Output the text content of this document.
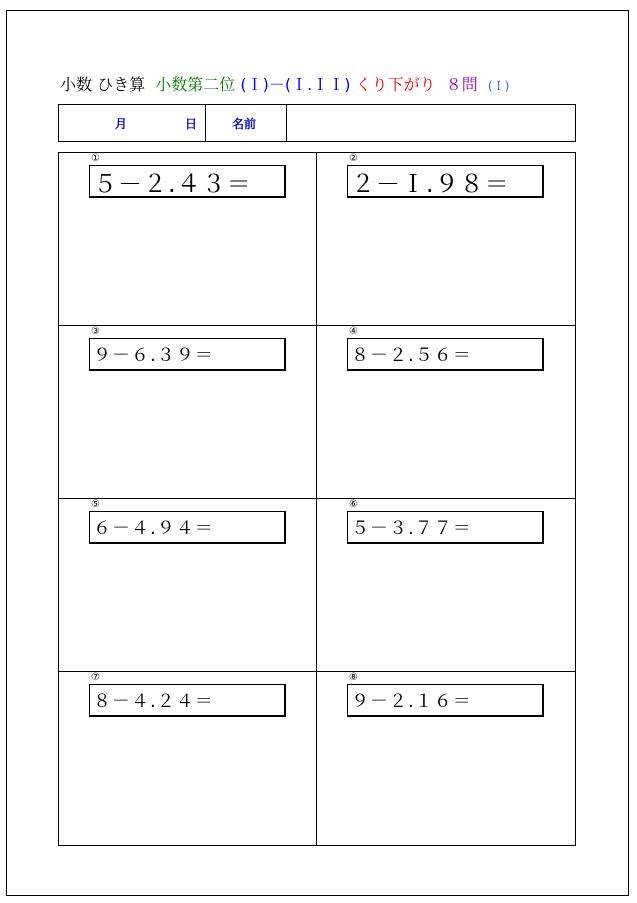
小数 ひき算 小数第二位 (Ｉ)－(Ｉ.ＩＩ) くり下がり ８問 (Ｉ)
月	日	名前
①
５－２.４３＝
②
２－Ｉ.９８＝
③
９－６.３９＝
④
８－２.５６＝
⑤
６－４.９４＝
⑥
５－３.７７＝
⑦
８－４.２４＝
⑧
９－２.１６＝
